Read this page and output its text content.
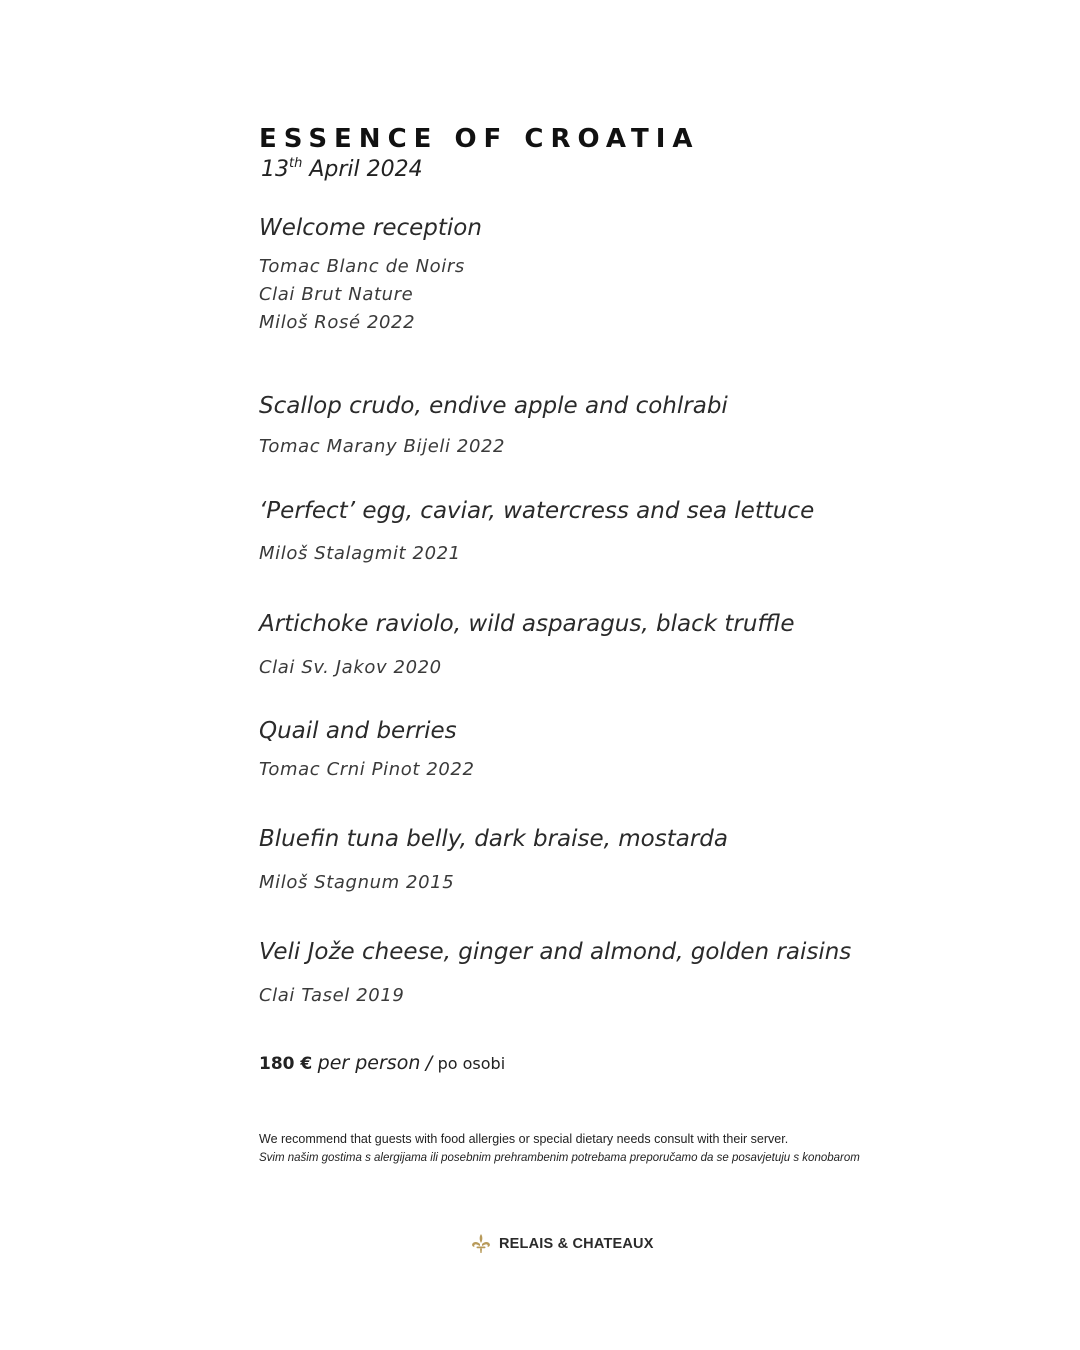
ESSENCE OF CROATIA
13th April 2024
Welcome reception
Tomac Blanc de Noirs
Clai Brut Nature
Miloš Rosé 2022
Scallop crudo, endive apple and cohlrabi
Tomac Marany Bijeli 2022
‘Perfect’ egg, caviar, watercress and sea lettuce
Miloš Stalagmit 2021
Artichoke raviolo, wild asparagus, black truffle
Clai Sv. Jakov 2020
Quail and berries
Tomac Crni Pinot 2022
Bluefin tuna belly, dark braise, mostarda
Miloš Stagnum 2015
Veli Jože cheese, ginger and almond, golden raisins
Clai Tasel 2019
180 € per person / po osobi
We recommend that guests with food allergies or special dietary needs consult with their server.
Svim našim gostima s alergijama ili posebnim prehrambenim potrebama preporučamo da se posavjetuju s konobarom
RELAIS & CHATEAUX
